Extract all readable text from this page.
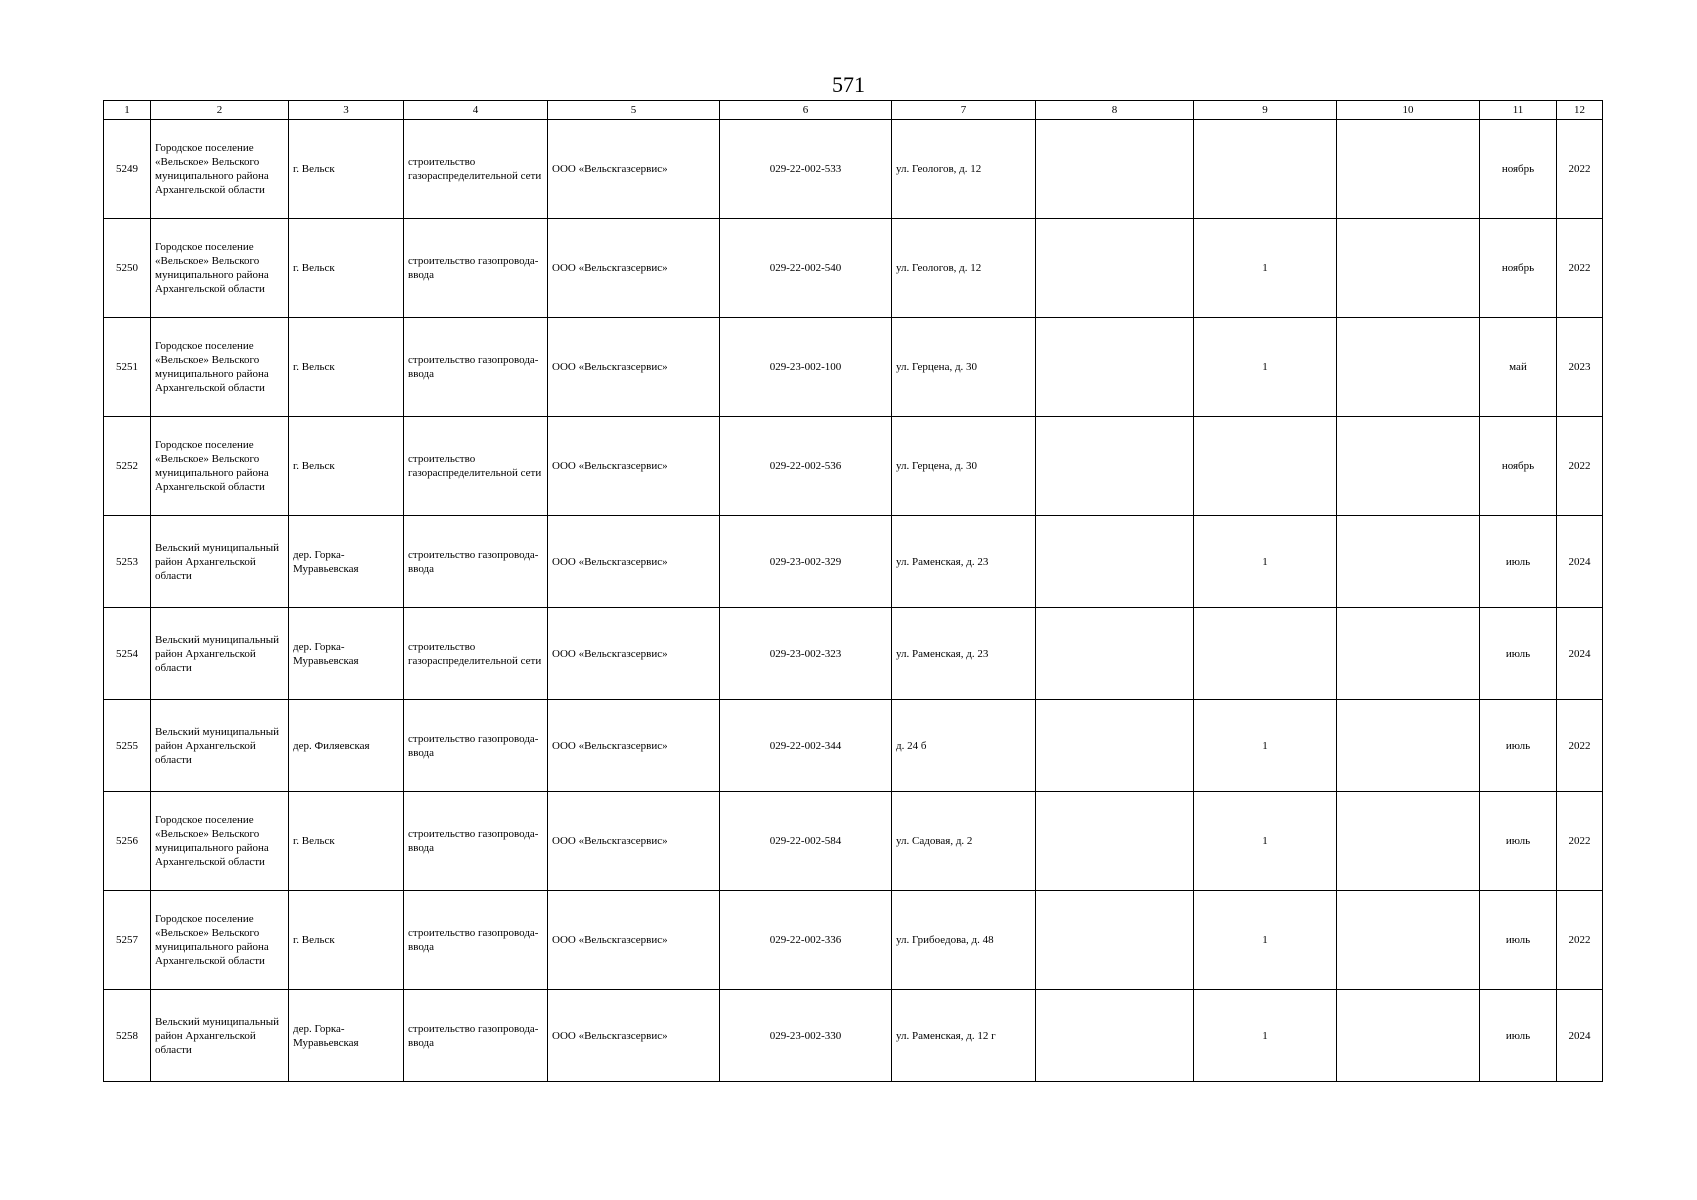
571
1	2	3	4	5	6	7	8	9	10	11	12
5249	Городское поселение «Вельское» Вельского муниципального района Архангельской области	г. Вельск	строительство газораспределительной сети	ООО «Вельскгазсервис»	029-22-002-533	ул. Геологов, д. 12				ноябрь	2022
5250	Городское поселение «Вельское» Вельского муниципального района Архангельской области	г. Вельск	строительство газопровода-ввода	ООО «Вельскгазсервис»	029-22-002-540	ул. Геологов, д. 12		1		ноябрь	2022
5251	Городское поселение «Вельское» Вельского муниципального района Архангельской области	г. Вельск	строительство газопровода-ввода	ООО «Вельскгазсервис»	029-23-002-100	ул. Герцена, д. 30		1		май	2023
5252	Городское поселение «Вельское» Вельского муниципального района Архангельской области	г. Вельск	строительство газораспределительной сети	ООО «Вельскгазсервис»	029-22-002-536	ул. Герцена, д. 30				ноябрь	2022
5253	Вельский муниципальный район Архангельской области	дер. Горка-Муравьевская	строительство газопровода-ввода	ООО «Вельскгазсервис»	029-23-002-329	ул. Раменская, д. 23		1		июль	2024
5254	Вельский муниципальный район Архангельской области	дер. Горка-Муравьевская	строительство газораспределительной сети	ООО «Вельскгазсервис»	029-23-002-323	ул. Раменская, д. 23				июль	2024
5255	Вельский муниципальный район Архангельской области	дер. Филяевская	строительство газопровода-ввода	ООО «Вельскгазсервис»	029-22-002-344	д. 24 б		1		июль	2022
5256	Городское поселение «Вельское» Вельского муниципального района Архангельской области	г. Вельск	строительство газопровода-ввода	ООО «Вельскгазсервис»	029-22-002-584	ул. Садовая, д. 2		1		июль	2022
5257	Городское поселение «Вельское» Вельского муниципального района Архангельской области	г. Вельск	строительство газопровода-ввода	ООО «Вельскгазсервис»	029-22-002-336	ул. Грибоедова, д. 48		1		июль	2022
5258	Вельский муниципальный район Архангельской области	дер. Горка-Муравьевская	строительство газопровода-ввода	ООО «Вельскгазсервис»	029-23-002-330	ул. Раменская, д. 12 г		1		июль	2024
